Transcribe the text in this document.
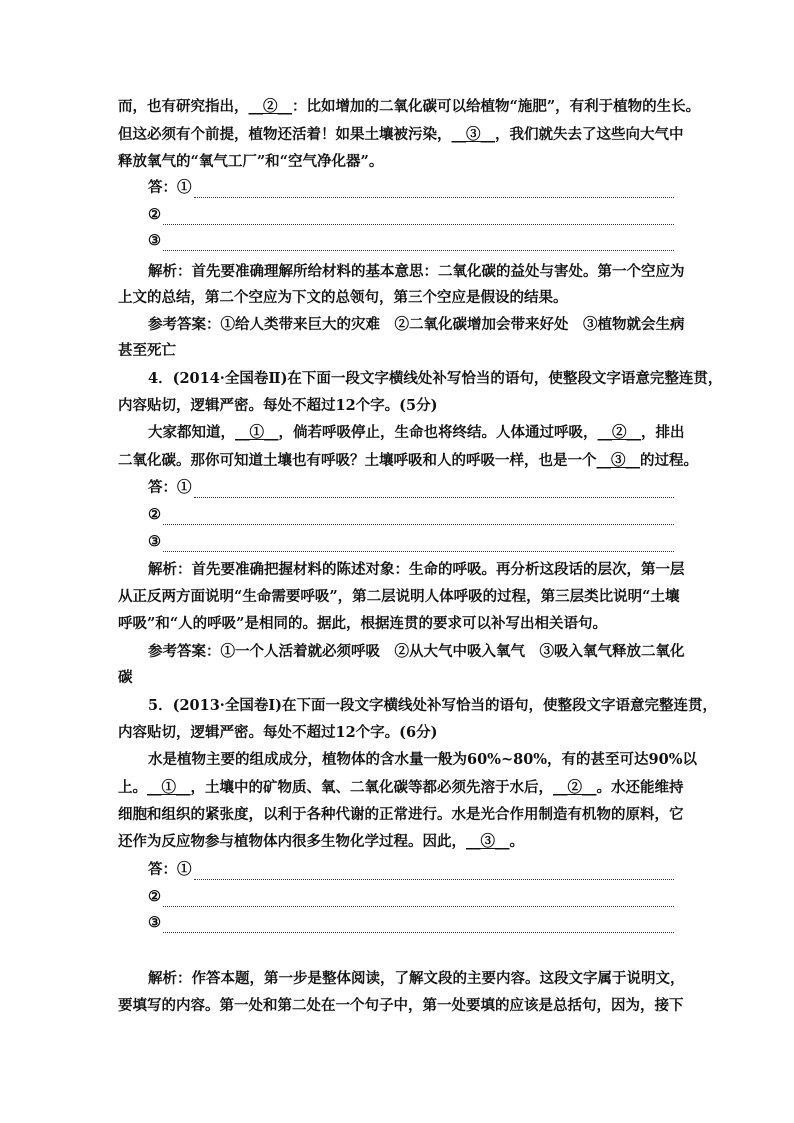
而，也有研究指出，__②__：比如增加的二氧化碳可以给植物“施肥”，有利于植物的生长。
但这必须有个前提，植物还活着！如果土壤被污染，__③__，我们就失去了这些向大气中
释放氧气的“氧气工厂”和“空气净化器”。
答：①
②
③
解析：首先要准确理解所给材料的基本意思：二氧化碳的益处与害处。第一个空应为
上文的总结，第二个空应为下文的总领句，第三个空应是假设的结果。
参考答案：①给人类带来巨大的灾难　②二氧化碳增加会带来好处　③植物就会生病
甚至死亡
4．(2014·全国卷Ⅱ)在下面一段文字横线处补写恰当的语句，使整段文字语意完整连贯，
内容贴切，逻辑严密。每处不超过12个字。(5分)
大家都知道，__①__，倘若呼吸停止，生命也将终结。人体通过呼吸，__②__，排出
二氧化碳。那你可知道土壤也有呼吸？土壤呼吸和人的呼吸一样，也是一个__③__的过程。
答：①
②
③
解析：首先要准确把握材料的陈述对象：生命的呼吸。再分析这段话的层次，第一层
从正反两方面说明“生命需要呼吸”，第二层说明人体呼吸的过程，第三层类比说明“土壤
呼吸”和“人的呼吸”是相同的。据此，根据连贯的要求可以补写出相关语句。
参考答案：①一个人活着就必须呼吸　②从大气中吸入氧气　③吸入氧气释放二氧化
碳
5．(2013·全国卷Ⅰ)在下面一段文字横线处补写恰当的语句，使整段文字语意完整连贯，
内容贴切，逻辑严密。每处不超过12个字。(6分)
水是植物主要的组成成分，植物体的含水量一般为60%~80%，有的甚至可达90%以
上。__①__，土壤中的矿物质、氧、二氧化碳等都必须先溶于水后，__②__。水还能维持
细胞和组织的紧张度，以利于各种代谢的正常进行。水是光合作用制造有机物的原料，它
还作为反应物参与植物体内很多生物化学过程。因此，__③__。
答：①
②
③
解析：作答本题，第一步是整体阅读，了解文段的主要内容。这段文字属于说明文，
要填写的内容。第一处和第二处在一个句子中，第一处要填的应该是总括句，因为，接下
